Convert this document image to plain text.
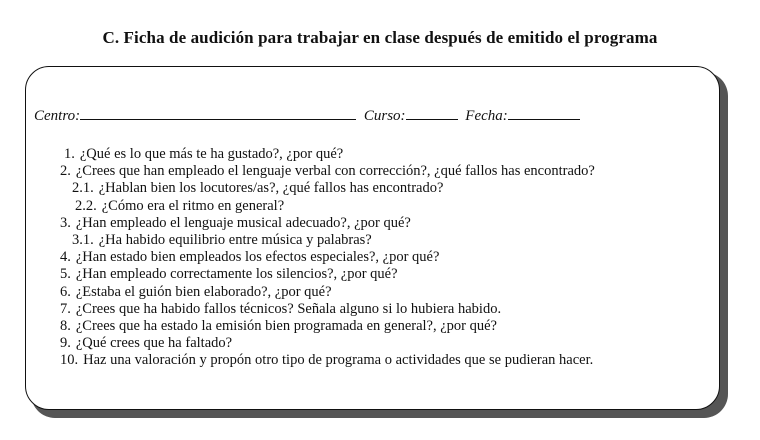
C. Ficha de audición para trabajar en clase después de emitido el programa
Centro:	Curso:	Fecha:
1. ¿Qué es lo que más te ha gustado?, ¿por qué?
2. ¿Crees que han empleado el lenguaje verbal con corrección?, ¿qué fallos has encontrado?
2.1. ¿Hablan bien los locutores/as?, ¿qué fallos has encontrado?
2.2. ¿Cómo era el ritmo en general?
3. ¿Han empleado el lenguaje musical adecuado?, ¿por qué?
3.1. ¿Ha habido equilibrio entre música y palabras?
4. ¿Han estado bien empleados los efectos especiales?, ¿por qué?
5. ¿Han empleado correctamente los silencios?, ¿por qué?
6. ¿Estaba el guión bien elaborado?, ¿por qué?
7. ¿Crees que ha habido fallos técnicos? Señala alguno si lo hubiera habido.
8. ¿Crees que ha estado la emisión bien programada en general?, ¿por qué?
9. ¿Qué crees que ha faltado?
10. Haz una valoración y propón otro tipo de programa o actividades que se pudieran hacer.
